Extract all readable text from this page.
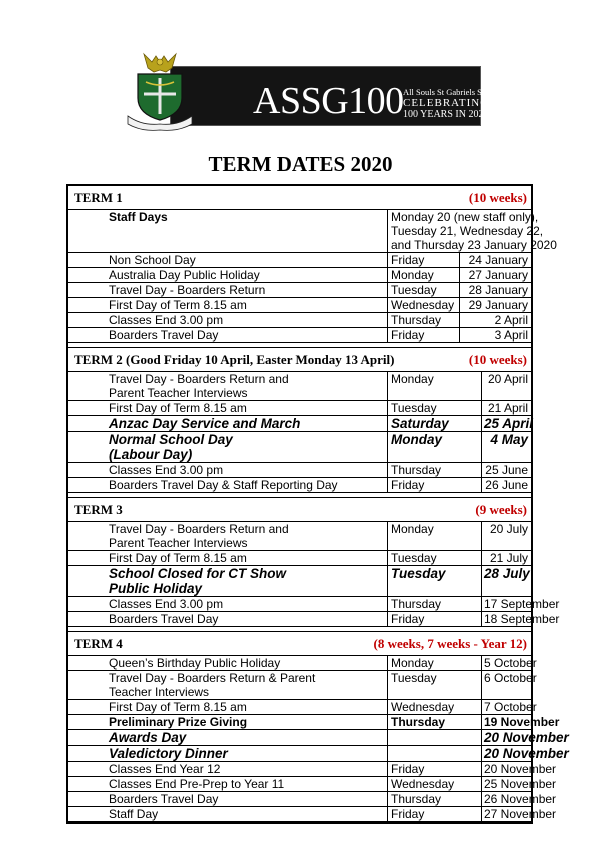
ASSG100 All Souls St Gabriels School
CELEBRATING
100 YEARS IN 2020
TERM DATES 2020
TERM 1	(10 weeks)
Staff Days	Monday 20 (new staff only),
Tuesday 21, Wednesday 22,
and Thursday 23 January 2020	

Non School Day	Friday	24 January

Australia Day Public Holiday	Monday	27 January

Travel Day - Boarders Return	Tuesday	28 January

First Day of Term 8.15 am	Wednesday	29 January

Classes End 3.00 pm	Thursday	2 April

Boarders Travel Day	Friday	3 April
TERM 2 (Good Friday 10 April, Easter Monday 13 April)	(10 weeks)
Travel Day - Boarders Return and
Parent Teacher Interviews	Monday	20 April

First Day of Term 8.15 am	Tuesday	21 April

Anzac Day Service and March	Saturday	25 April

Normal School Day
(Labour Day)	Monday	4 May

Classes End 3.00 pm	Thursday	25 June

Boarders Travel Day & Staff Reporting Day	Friday	26 June
TERM 3	(9 weeks)
Travel Day - Boarders Return and
Parent Teacher Interviews	Monday	20 July

First Day of Term 8.15 am	Tuesday	21 July

School Closed for CT Show
Public Holiday	Tuesday	28 July

Classes End 3.00 pm	Thursday	17 September

Boarders Travel Day	Friday	18 September
TERM 4	(8 weeks, 7 weeks - Year 12)
Queen’s Birthday Public Holiday	Monday	5 October

Travel Day - Boarders Return & Parent
Teacher Interviews	Tuesday	6 October

First Day of Term 8.15 am	Wednesday	7 October

Preliminary Prize Giving	Thursday	19 November

Awards Day		20 November

Valedictory Dinner		20 November

Classes End Year 12	Friday	20 November

Classes End Pre-Prep to Year 11	Wednesday	25 November

Boarders Travel Day	Thursday	26 November

Staff Day	Friday	27 November
